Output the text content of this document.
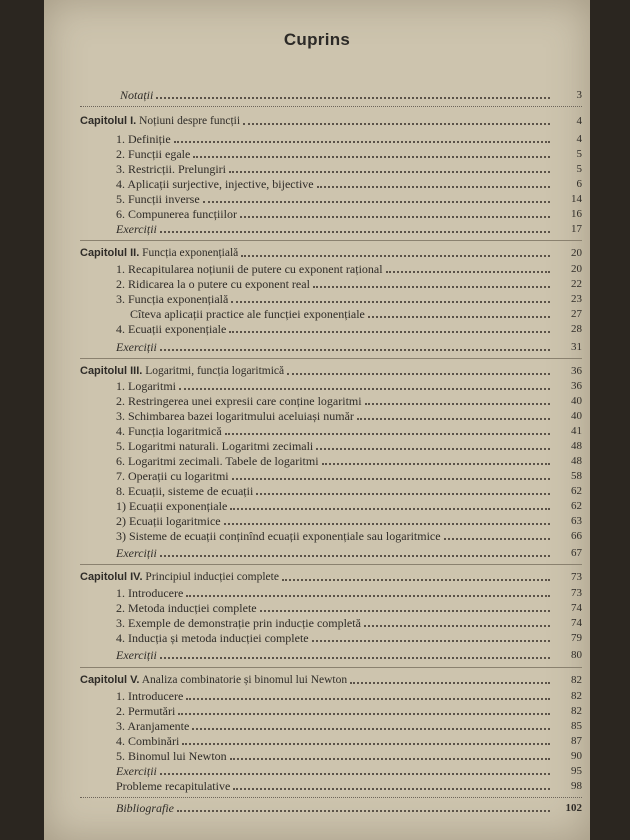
Cuprins
Notații	3
Capitolul I. Noțiuni despre funcții	4
1. Definiție	4
2. Funcții egale	5
3. Restricții. Prelungiri	5
4. Aplicații surjective, injective, bijective	6
5. Funcții inverse	14
6. Compunerea funcțiilor	16
Exerciții	17
Capitolul II. Funcția exponențială	20
1. Recapitularea noțiunii de putere cu exponent rațional	20
2. Ridicarea la o putere cu exponent real	22
3. Funcția exponențială	23
Cîteva aplicații practice ale funcției exponențiale	27
4. Ecuații exponențiale	28
Exerciții	31
Capitolul III. Logaritmi, funcția logaritmică	36
1. Logaritmi	36
2. Restringerea unei expresii care conține logaritmi	40
3. Schimbarea bazei logaritmului aceluiași număr	40
4. Funcția logaritmică	41
5. Logaritmi naturali. Logaritmi zecimali	48
6. Logaritmi zecimali. Tabele de logaritmi	48
7. Operații cu logaritmi	58
8. Ecuații, sisteme de ecuații	62
1) Ecuații exponențiale	62
2) Ecuații logaritmice	63
3) Sisteme de ecuații conținînd ecuații exponențiale sau logaritmice	66
Exerciții	67
Capitolul IV. Principiul inducției complete	73
1. Introducere	73
2. Metoda inducției complete	74
3. Exemple de demonstrație prin inducție completă	74
4. Inducția și metoda inducției complete	79
Exerciții	80
Capitolul V. Analiza combinatorie și binomul lui Newton	82
1. Introducere	82
2. Permutări	82
3. Aranjamente	85
4. Combinări	87
5. Binomul lui Newton	90
Exerciții	95
Probleme recapitulative	98
Bibliografie	102
